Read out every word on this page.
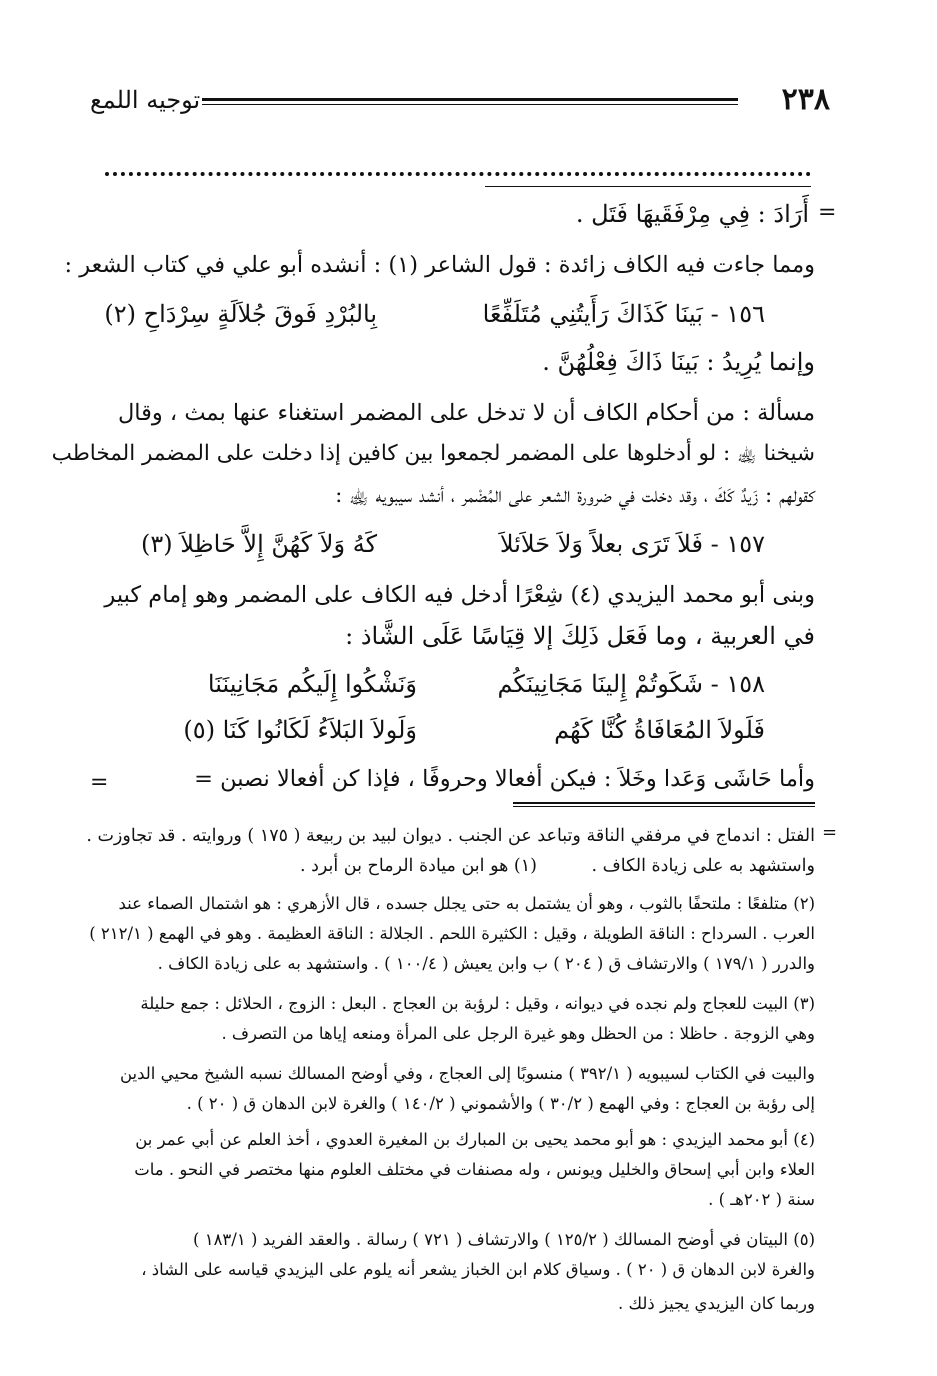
٢٣٨
توجيه اللمع
=
أَرَادَ : فِي مِرْفَقَيهَا فَتَل .
ومما جاءت فيه الكاف زائدة : قول الشاعر (١) : أنشده أبو علي في كتاب الشعر :
١٥٦ - بَينَا كَذَاكَ رَأَيتُنِي مُتَلَفِّعًا
بِالبُرْدِ فَوقَ جُلاَلَةٍ سِرْدَاحِ (٢)
وإنما يُرِيدُ : بَينَا ذَاكَ فِعْلُهُنَّ .
مسألة : من أحكام الكاف أن لا تدخل على المضمر استغناء عنها بمث ، وقال
شيخنا ﵀ : لو أدخلوها على المضمر لجمعوا بين كافين إذا دخلت على المضمر المخاطب
كقولهم : زَيدٌ كَكَ ، وقد دخلت في ضرورة الشعر على المُضْمر ، أنشد سيبويه ﵀ :
١٥٧ - فَلاَ تَرَى بعلاً وَلاَ حَلاَئلاَ
كَهُ وَلاَ كَهُنَّ إِلاَّ حَاظِلاَ (٣)
وبنى أبو محمد اليزيدي (٤) شِعْرًا أدخل فيه الكاف على المضمر وهو إمام كبير
في العربية ، وما فَعَل ذَلِكَ إلا قِيَاسًا عَلَى الشَّاذ :
١٥٨ - شَكَوتُمْ إِلينَا مَجَانِينَكُم
وَنَشْكُوا إِلَيكُم مَجَانِينَنَا
فَلَولاَ المُعَافَاةُ كُنَّا كَهُم
وَلَولاَ البَلاَءُ لَكَانُوا كَنَا (٥)
وأما حَاشَى وَعَدا وخَلاَ : فيكن أفعالا وحروفًا ، فإذا كن أفعالا نصبن =
=
=
الفتل : اندماج في مرفقي الناقة وتباعد عن الجنب . ديوان لبيد بن ربيعة ( ١٧٥ ) وروايته . قد تجاوزت .
واستشهد به على زيادة الكاف .
(١) هو ابن ميادة الرماح بن أبرد .
(٢) متلفعًا : ملتحفًا بالثوب ، وهو أن يشتمل به حتى يجلل جسده ، قال الأزهري : هو اشتمال الصماء عند
العرب . السرداح : الناقة الطويلة ، وقيل : الكثيرة اللحم . الجلالة : الناقة العظيمة . وهو في الهمع ( ٢١٢/١ )
والدرر ( ١٧٩/١ ) والارتشاف ق ( ٢٠٤ ) ب وابن يعيش ( ١٠٠/٤ ) . واستشهد به على زيادة الكاف .
(٣) البيت للعجاج ولم نجده في ديوانه ، وقيل : لرؤبة بن العجاج . البعل : الزوج ، الحلائل : جمع حليلة
وهي الزوجة . حاظلا : من الحظل وهو غيرة الرجل على المرأة ومنعه إياها من التصرف .
والبيت في الكتاب لسيبويه ( ٣٩٢/١ ) منسوبًا إلى العجاج ، وفي أوضح المسالك نسبه الشيخ محيي الدين
إلى رؤبة بن العجاج : وفي الهمع ( ٣٠/٢ ) والأشموني ( ١٤٠/٢ ) والغرة لابن الدهان ق ( ٢٠ ) .
(٤) أبو محمد اليزيدي : هو أبو محمد يحيى بن المبارك بن المغيرة العدوي ، أخذ العلم عن أبي عمر بن
العلاء وابن أبي إسحاق والخليل ويونس ، وله مصنفات في مختلف العلوم منها مختصر في النحو . مات
سنة ( ٢٠٢هـ ) .
(٥) البيتان في أوضح المسالك ( ١٢٥/٢ ) والارتشاف ( ٧٢١ ) رسالة . والعقد الفريد ( ١٨٣/١ )
والغرة لابن الدهان ق ( ٢٠ ) . وسياق كلام ابن الخباز يشعر أنه يلوم على اليزيدي قياسه على الشاذ ،
وربما كان اليزيدي يجيز ذلك .
